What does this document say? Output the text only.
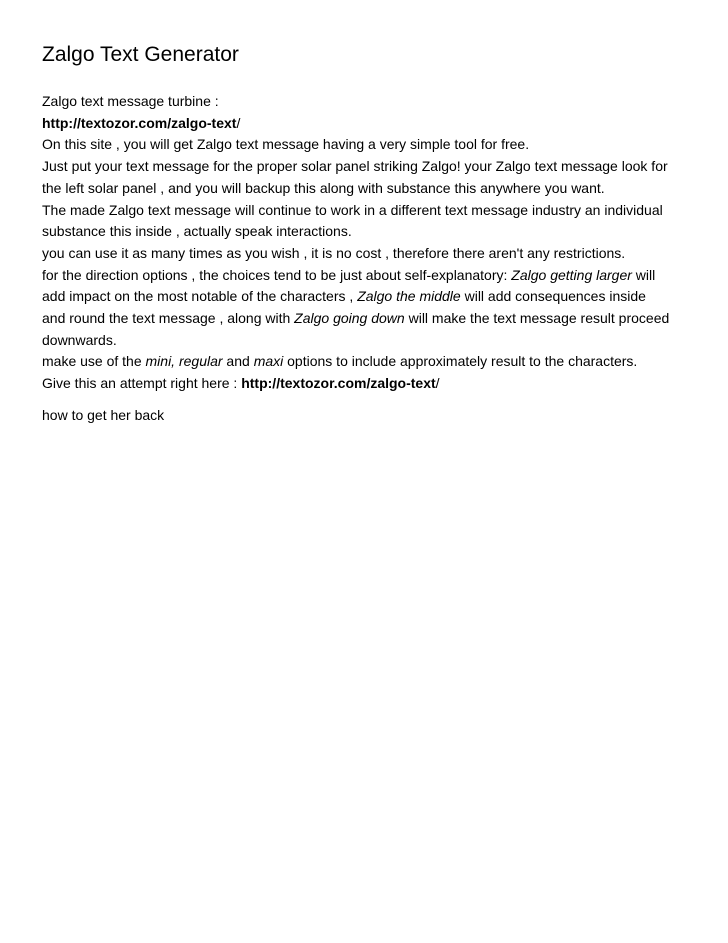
Zalgo Text Generator
Zalgo text message turbine :
http://textozor.com/zalgo-text/
On this site , you will get Zalgo text message having a very simple tool for free.
Just put your text message for the proper solar panel striking Zalgo! your Zalgo text message look for
the left solar panel , and you will backup this along with substance this anywhere you want.
The made Zalgo text message will continue to work in a different text message industry an individual
substance this inside , actually speak interactions.
you can use it as many times as you wish , it is no cost , therefore there aren't any restrictions.
for the direction options , the choices tend to be just about self-explanatory: Zalgo getting larger will
add impact on the most notable of the characters , Zalgo the middle will add consequences inside
and round the text message , along with Zalgo going down will make the text message result proceed
downwards.
make use of the mini, regular and maxi options to include approximately result to the characters.
Give this an attempt right here : http://textozor.com/zalgo-text/
how to get her back
